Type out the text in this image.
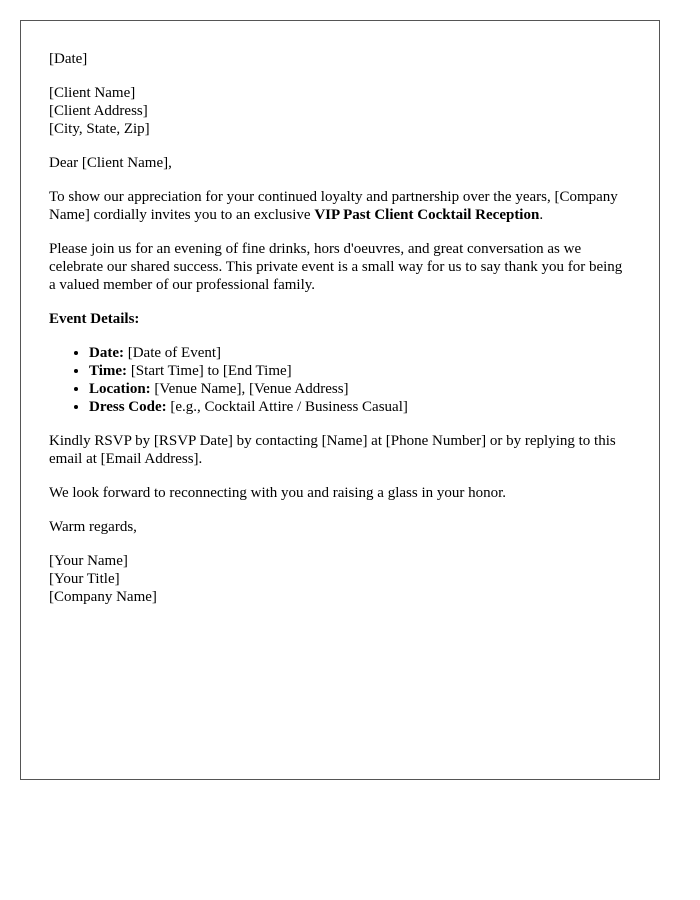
[Date]

[Client Name]
[Client Address]
[City, State, Zip]

Dear [Client Name],

To show our appreciation for your continued loyalty and partnership over the years, [Company Name] cordially invites you to an exclusive VIP Past Client Cocktail Reception.

Please join us for an evening of fine drinks, hors d'oeuvres, and great conversation as we celebrate our shared success. This private event is a small way for us to say thank you for being a valued member of our professional family.

Event Details:

• Date: [Date of Event]
• Time: [Start Time] to [End Time]
• Location: [Venue Name], [Venue Address]
• Dress Code: [e.g., Cocktail Attire / Business Casual]

Kindly RSVP by [RSVP Date] by contacting [Name] at [Phone Number] or by replying to this email at [Email Address].

We look forward to reconnecting with you and raising a glass in your honor.

Warm regards,

[Your Name]
[Your Title]
[Company Name]
